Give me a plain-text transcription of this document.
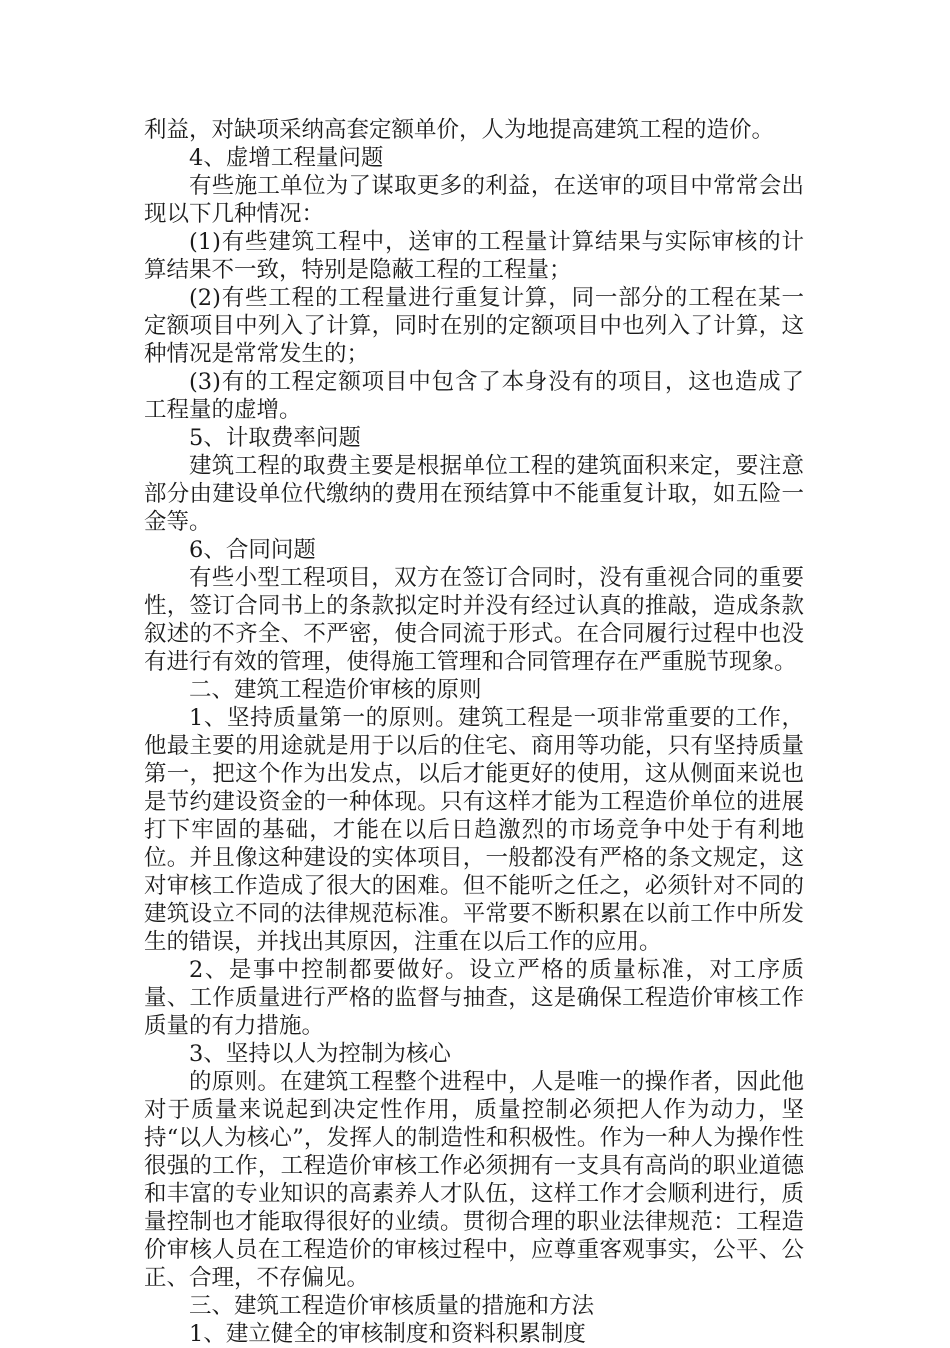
利益，对缺项采纳高套定额单价，人为地提高建筑工程的造价。

4、虚增工程量问题

有些施工单位为了谋取更多的利益，在送审的项目中常常会出现以下几种情况：

(1)有些建筑工程中，送审的工程量计算结果与实际审核的计算结果不一致，特别是隐蔽工程的工程量；

(2)有些工程的工程量进行重复计算，同一部分的工程在某一定额项目中列入了计算，同时在别的定额项目中也列入了计算，这种情况是常常发生的；

(3)有的工程定额项目中包含了本身没有的项目，这也造成了工程量的虚增。

5、计取费率问题

建筑工程的取费主要是根据单位工程的建筑面积来定，要注意部分由建设单位代缴纳的费用在预结算中不能重复计取，如五险一金等。

6、合同问题

有些小型工程项目，双方在签订合同时，没有重视合同的重要性，签订合同书上的条款拟定时并没有经过认真的推敲，造成条款叙述的不齐全、不严密，使合同流于形式。在合同履行过程中也没有进行有效的管理，使得施工管理和合同管理存在严重脱节现象。

二、建筑工程造价审核的原则

1、坚持质量第一的原则。建筑工程是一项非常重要的工作，他最主要的用途就是用于以后的住宅、商用等功能，只有坚持质量第一，把这个作为出发点，以后才能更好的使用，这从侧面来说也是节约建设资金的一种体现。只有这样才能为工程造价单位的进展打下牢固的基础，才能在以后日趋激烈的市场竞争中处于有利地位。并且像这种建设的实体项目，一般都没有严格的条文规定，这对审核工作造成了很大的困难。但不能听之任之，必须针对不同的建筑设立不同的法律规范标准。平常要不断积累在以前工作中所发生的错误，并找出其原因，注重在以后工作的应用。

2、是事中控制都要做好。设立严格的质量标准，对工序质量、工作质量进行严格的监督与抽查，这是确保工程造价审核工作质量的有力措施。

3、坚持以人为控制为核心

的原则。在建筑工程整个进程中，人是唯一的操作者，因此他对于质量来说起到决定性作用，质量控制必须把人作为动力，坚持“以人为核心”，发挥人的制造性和积极性。作为一种人为操作性很强的工作，工程造价审核工作必须拥有一支具有高尚的职业道德和丰富的专业知识的高素养人才队伍，这样工作才会顺利进行，质量控制也才能取得很好的业绩。贯彻合理的职业法律规范：工程造价审核人员在工程造价的审核过程中，应尊重客观事实，公平、公正、合理，不存偏见。

三、建筑工程造价审核质量的措施和方法

1、建立健全的审核制度和资料积累制度
